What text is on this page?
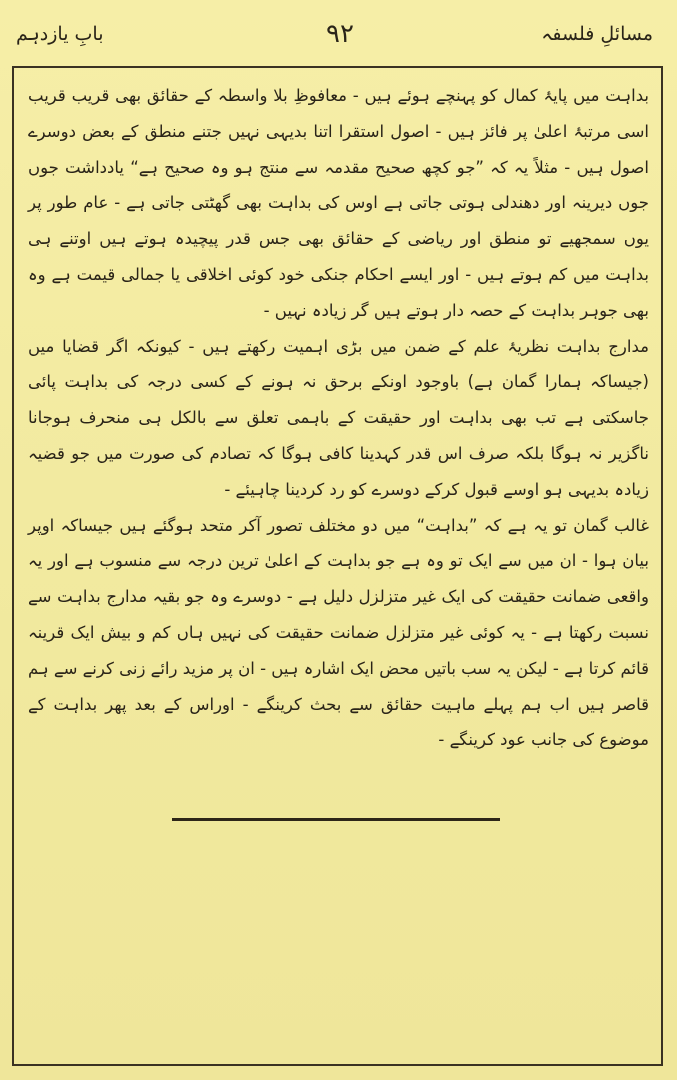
بابِ یازدہم	۹۲	مسائلِ فلسفہ

بداہت میں پایۂ کمال کو پہنچے ہوئے ہیں - معافوظِ بلا واسطہ کے حقائق بھی قریب قریب اسی مرتبۂ اعلیٰ پر فائز ہیں - اصول استقرا اتنا بدیہی نہیں جتنے منطق کے بعض دوسرے اصول ہیں - مثلاً یہ کہ ”جو کچھ صحیح مقدمہ سے منتج ہو وہ صحیح ہے“ یادداشت جوں جوں دیرینہ اور دھندلی ہوتی جاتی ہے اوس کی بداہت بھی گھٹتی جاتی ہے - عام طور پر یوں سمجھیے تو منطق اور ریاضی کے حقائق بھی جس قدر پیچیدہ ہوتے ہیں اوتنے ہی بداہت میں کم ہوتے ہیں - اور ایسے احکام جنکی خود کوئی اخلاقی یا جمالی قیمت ہے وہ بھی جوہر بداہت کے حصہ دار ہوتے ہیں گر زیادہ نہیں -

مدارج بداہت نظریۂ علم کے ضمن میں بڑی اہمیت رکھتے ہیں - کیونکہ اگر قضایا میں (جیساکہ ہمارا گمان ہے) باوجود اونکے برحق نہ ہونے کے کسی درجہ کی بداہت پائی جاسکتی ہے تب بھی بداہت اور حقیقت کے باہمی تعلق سے بالکل ہی منحرف ہوجانا ناگزیر نہ ہوگا بلکہ صرف اس قدر کہدینا کافی ہوگا کہ تصادم کی صورت میں جو قضیہ زیادہ بدیہی ہو اوسے قبول کرکے دوسرے کو رد کردینا چاہیئے -

غالب گمان تو یہ ہے کہ ”بداہت“ میں دو مختلف تصور آکر متحد ہوگئے ہیں جیساکہ اوپر بیان ہوا - ان میں سے ایک تو وہ ہے جو بداہت کے اعلیٰ ترین درجہ سے منسوب ہے اور یہ واقعی ضمانت حقیقت کی ایک غیر متزلزل دلیل ہے - دوسرے وہ جو بقیہ مدارج بداہت سے نسبت رکھتا ہے - یہ کوئی غیر متزلزل ضمانت حقیقت کی نہیں ہاں کم و بیش ایک قرینہ قائم کرتا ہے - لیکن یہ سب باتیں محض ایک اشارہ ہیں - ان پر مزید رائے زنی کرنے سے ہم قاصر ہیں اب ہم پہلے ماہیت حقائق سے بحث کرینگے - اوراس کے بعد پھر بداہت کے موضوع کی جانب عود کرینگے -
